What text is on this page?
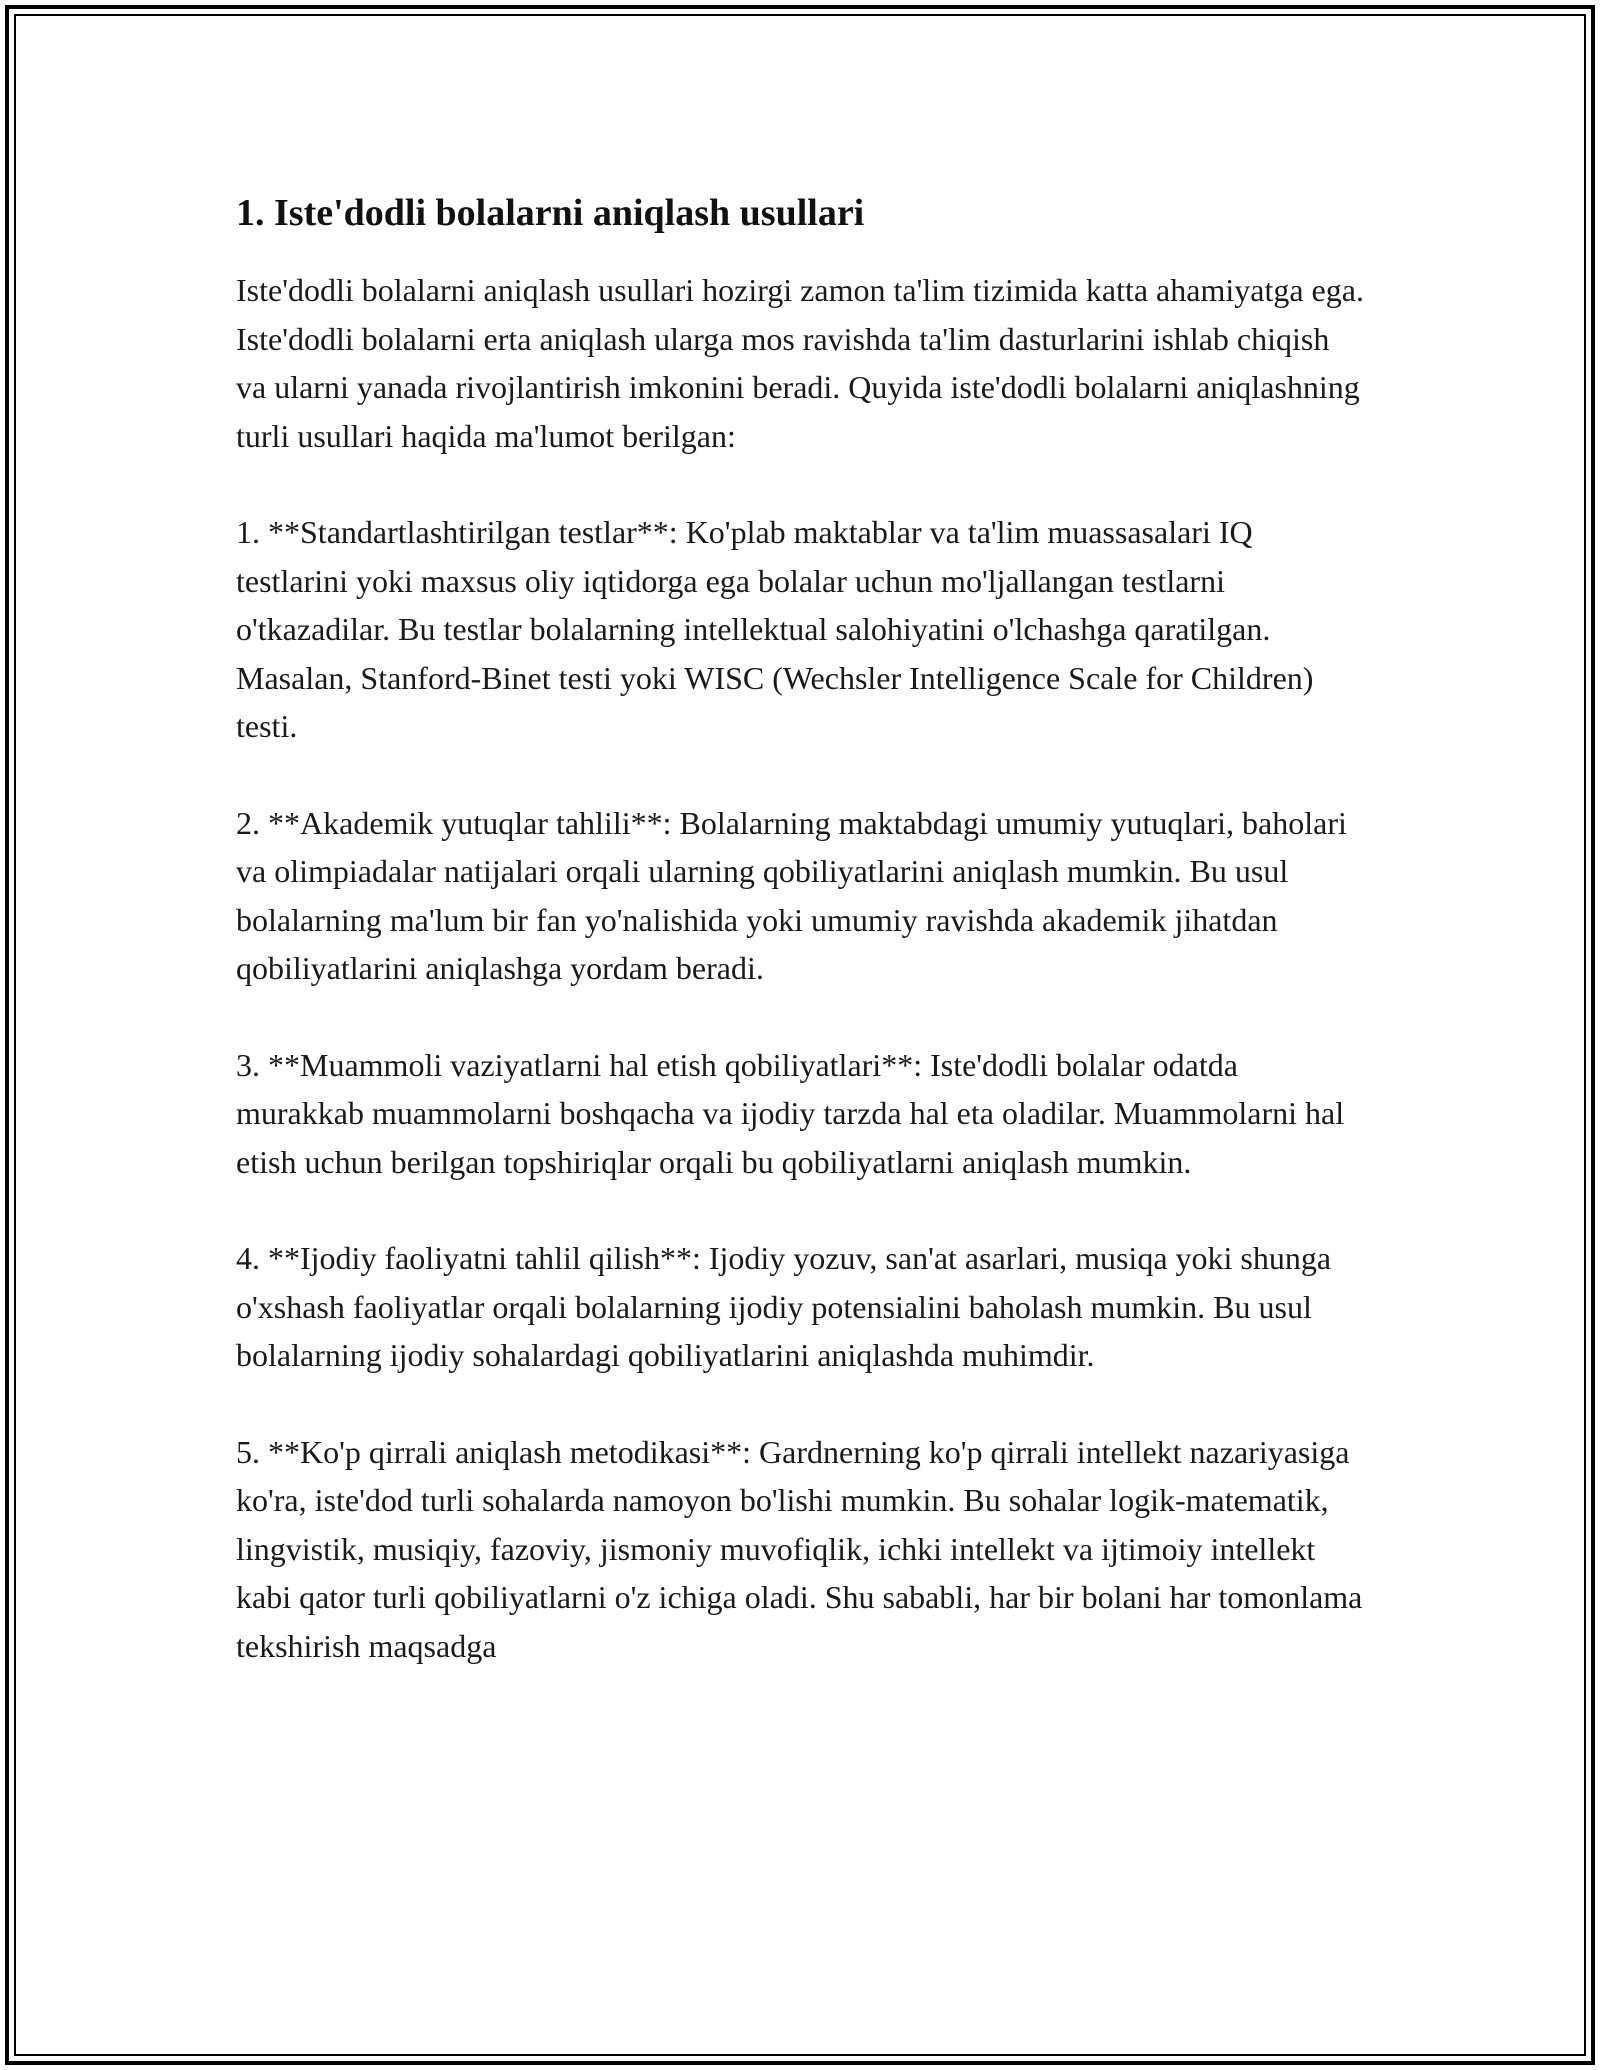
1. Iste'dodli bolalarni aniqlash usullari

Iste'dodli bolalarni aniqlash usullari hozirgi zamon ta'lim tizimida katta ahamiyatga ega. Iste'dodli bolalarni erta aniqlash ularga mos ravishda ta'lim dasturlarini ishlab chiqish va ularni yanada rivojlantirish imkonini beradi. Quyida iste'dodli bolalarni aniqlashning turli usullari haqida ma'lumot berilgan:

1. **Standartlashtirilgan testlar**: Ko'plab maktablar va ta'lim muassasalari IQ testlarini yoki maxsus oliy iqtidorga ega bolalar uchun mo'ljallangan testlarni o'tkazadilar. Bu testlar bolalarning intellektual salohiyatini o'lchashga qaratilgan. Masalan, Stanford-Binet testi yoki WISC (Wechsler Intelligence Scale for Children) testi.

2. **Akademik yutuqlar tahlili**: Bolalarning maktabdagi umumiy yutuqlari, baholari va olimpiadalar natijalari orqali ularning qobiliyatlarini aniqlash mumkin. Bu usul bolalarning ma'lum bir fan yo'nalishida yoki umumiy ravishda akademik jihatdan qobiliyatlarini aniqlashga yordam beradi.

3. **Muammoli vaziyatlarni hal etish qobiliyatlari**: Iste'dodli bolalar odatda murakkab muammolarni boshqacha va ijodiy tarzda hal eta oladilar. Muammolarni hal etish uchun berilgan topshiriqlar orqali bu qobiliyatlarni aniqlash mumkin.

4. **Ijodiy faoliyatni tahlil qilish**: Ijodiy yozuv, san'at asarlari, musiqa yoki shunga o'xshash faoliyatlar orqali bolalarning ijodiy potensialini baholash mumkin. Bu usul bolalarning ijodiy sohalardagi qobiliyatlarini aniqlashda muhimdir.

5. **Ko'p qirrali aniqlash metodikasi**: Gardnerning ko'p qirrali intellekt nazariyasiga ko'ra, iste'dod turli sohalarda namoyon bo'lishi mumkin. Bu sohalar logik-matematik, lingvistik, musiqiy, fazoviy, jismoniy muvofiqlik, ichki intellekt va ijtimoiy intellekt kabi qator turli qobiliyatlarni o'z ichiga oladi. Shu sababli, har bir bolani har tomonlama tekshirish maqsadga
